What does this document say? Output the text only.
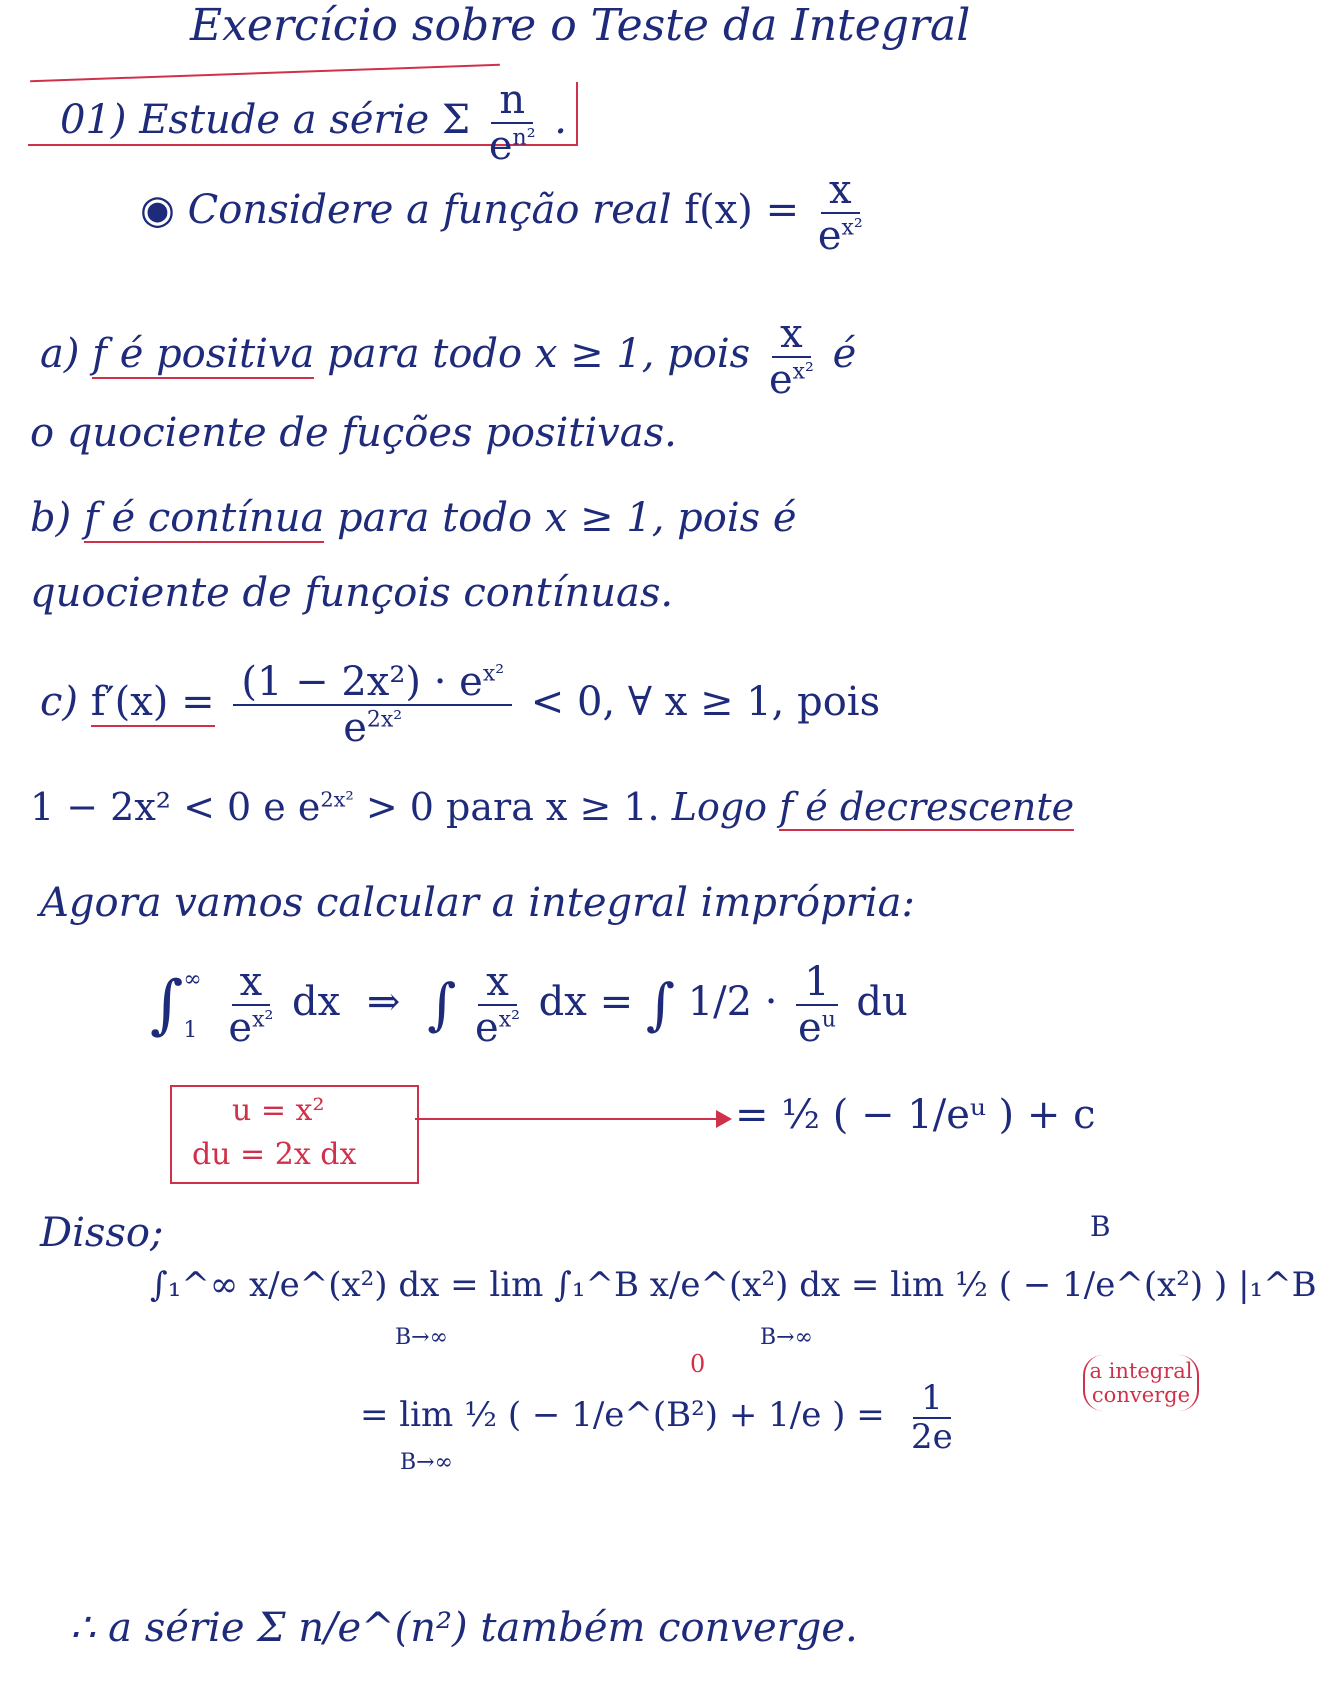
Exercício sobre o Teste da Integral
01) Estude a série Σ $\frac{n}{e^{n^2}}$ .
◉ Considere a função real $f(x) = \frac{x}{e^{x^2}}$
a) f é positiva para todo x ≥ 1, pois $\frac{x}{e^{x^2}}$ é
o quociente de fuções positivas.
b) f é contínua para todo x ≥ 1, pois é
quociente de funçois contínuas.
c) $f'(x) = \frac{(1 - 2x^2) \cdot e^{x^2}}{e^{2x^2}} < 0$, ∀ x ≥ 1, pois
1 − 2x² < 0 e $e^{2x^2} > 0$ para x ≥ 1. Logo f é decrescente
Agora vamos calcular a integral imprópria:
∫ ∞
1
$\frac{x}{e^{x^2}}$ dx ⇒ ∫ $\frac{x}{e^{x^2}}$ dx = ∫ $1/2 \cdot \frac{1}{e^u}$ du
u = x²
du = 2x dx
= ½ ( − 1/eᵘ ) + c
Disso;
∫₁^∞ x/e^(x²) dx = lim ∫₁^B x/e^(x²) dx = lim ½ ( − 1/e^(x²) ) |₁^B
B→∞	B→∞
B
= lim ½ ( − 1/e^(B²) + 1/e ) =
0
B→∞
$\frac{1}{2e}$
a integral converge
∴ a série Σ n/e^(n²) também converge.
